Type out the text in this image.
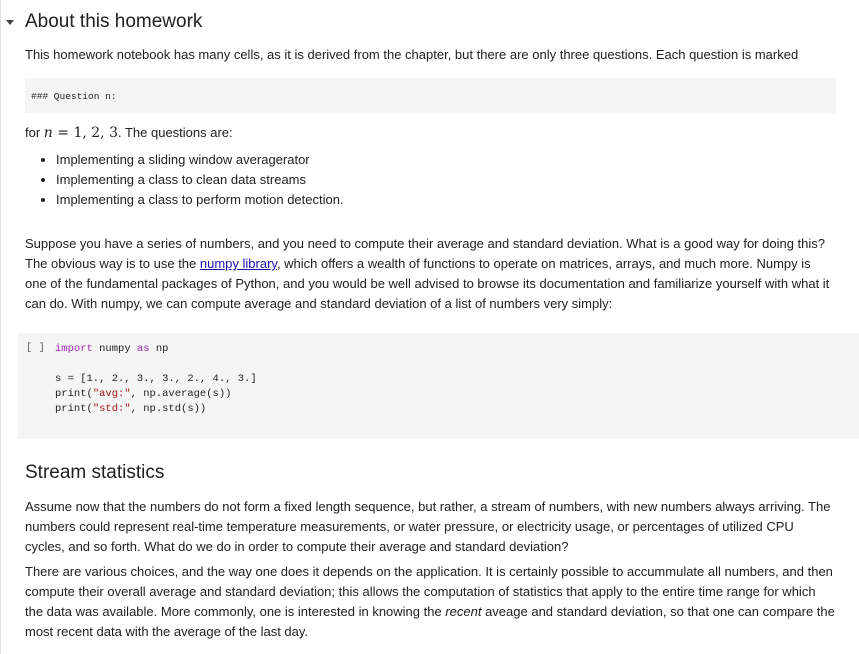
About this homework

This homework notebook has many cells, as it is derived from the chapter, but there are only three questions. Each question is marked

### Question n:

for n = 1, 2, 3. The questions are:

• Implementing a sliding window averagerator
• Implementing a class to clean data streams
• Implementing a class to perform motion detection.

Suppose you have a series of numbers, and you need to compute their average and standard deviation. What is a good way for doing this? The obvious way is to use the numpy library, which offers a wealth of functions to operate on matrices, arrays, and much more. Numpy is one of the fundamental packages of Python, and you would be well advised to browse its documentation and familiarize yourself with what it can do. With numpy, we can compute average and standard deviation of a list of numbers very simply:

[ ] import numpy as np

s = [1., 2., 3., 3., 2., 4., 3.]
print("avg:", np.average(s))
print("std:", np.std(s))
Stream statistics

Assume now that the numbers do not form a fixed length sequence, but rather, a stream of numbers, with new numbers always arriving. The numbers could represent real-time temperature measurements, or water pressure, or electricity usage, or percentages of utilized CPU cycles, and so forth. What do we do in order to compute their average and standard deviation?

There are various choices, and the way one does it depends on the application. It is certainly possible to accummulate all numbers, and then compute their overall average and standard deviation; this allows the computation of statistics that apply to the entire time range for which the data was available. More commonly, one is interested in knowing the recent aveage and standard deviation, so that one can compare the most recent data with the average of the last day.
